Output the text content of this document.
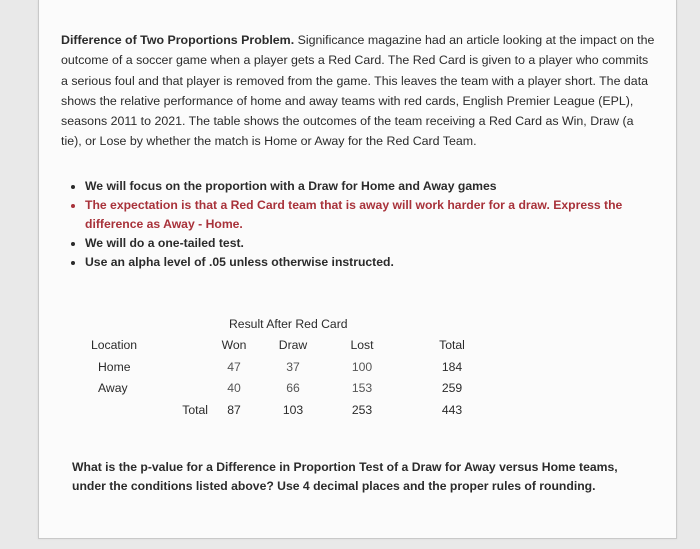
Difference of Two Proportions Problem. Significance magazine had an article looking at the impact on the outcome of a soccer game when a player gets a Red Card. The Red Card is given to a player who commits a serious foul and that player is removed from the game. This leaves the team with a player short. The data shows the relative performance of home and away teams with red cards, English Premier League (EPL), seasons 2011 to 2021. The table shows the outcomes of the team receiving a Red Card as Win, Draw (a tie), or Lose by whether the match is Home or Away for the Red Card Team.

• We will focus on the proportion with a Draw for Home and Away games
• The expectation is that a Red Card team that is away will work harder for a draw. Express the difference as Away - Home.
• We will do a one-tailed test.
• Use an alpha level of .05 unless otherwise instructed.
		Result After Red Card			
Location		Won	Draw	Lost	Total
Home		47	37	100	184
Away		40	66	153	259
	Total	87	103	253	443

What is the p-value for a Difference in Proportion Test of a Draw for Away versus Home teams, under the conditions listed above? Use 4 decimal places and the proper rules of rounding.
